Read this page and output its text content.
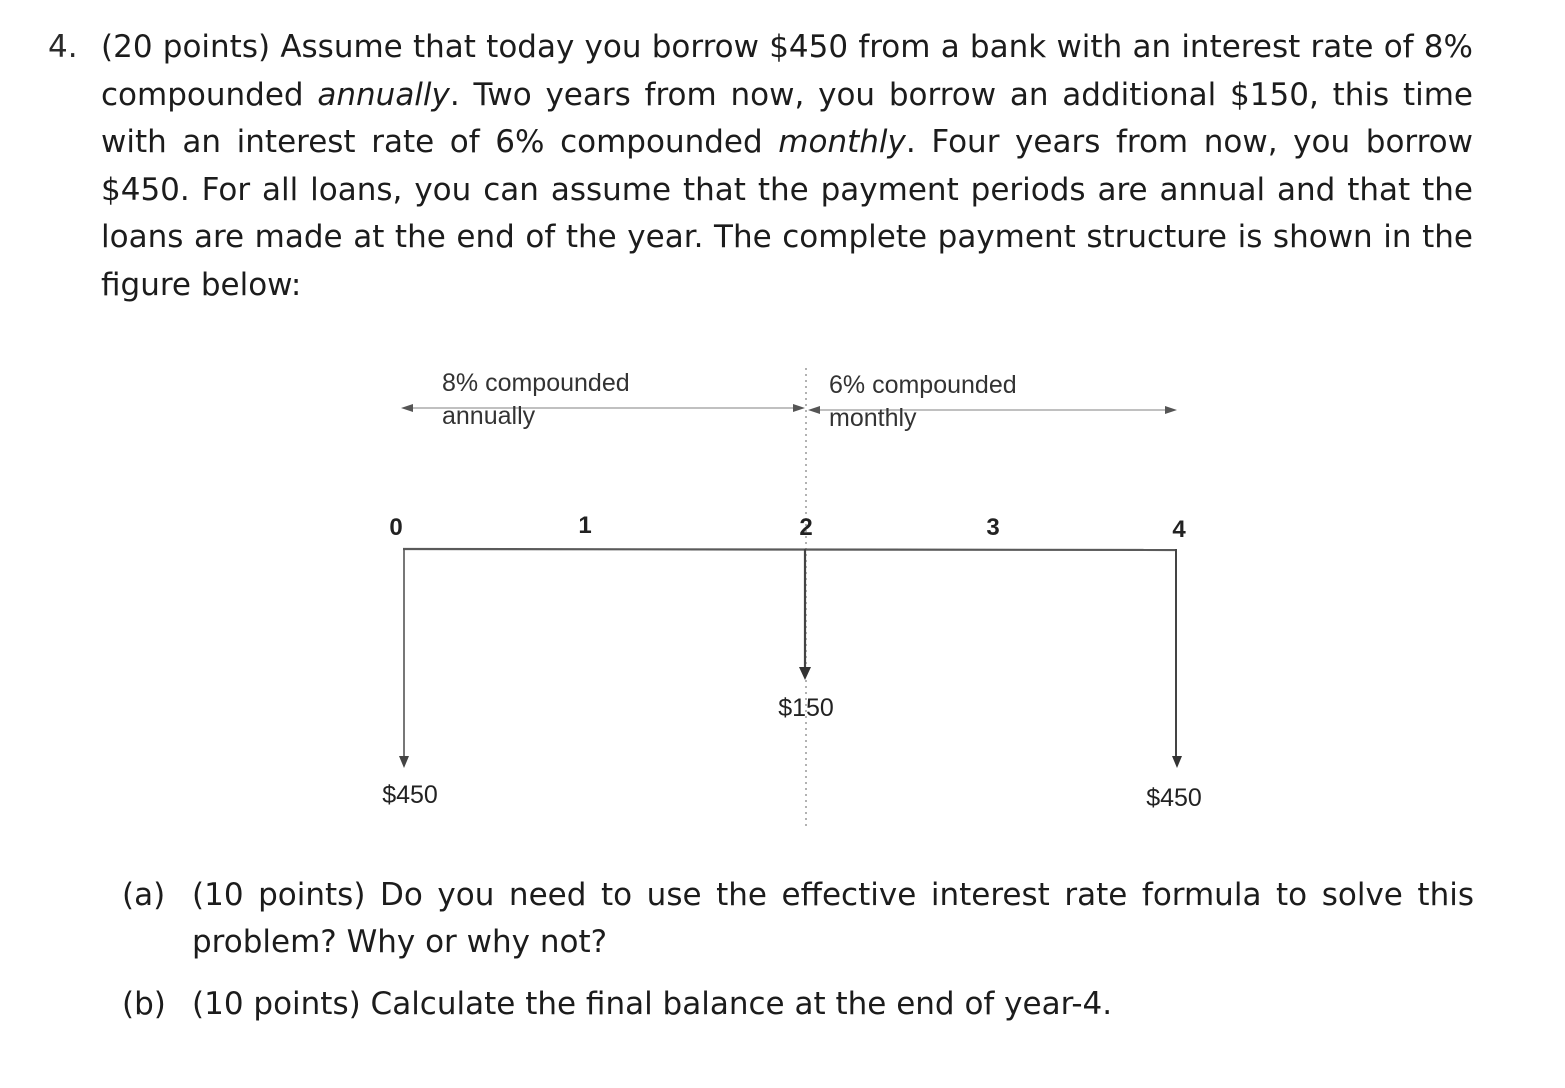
4. (20 points) Assume that today you borrow $450 from a bank with an interest rate of 8% compounded annually. Two years from now, you borrow an additional $150, this time with an interest rate of 6% compounded monthly. Four years from now, you borrow $450. For all loans, you can assume that the payment periods are annual and that the loans are made at the end of the year. The complete payment structure is shown in the figure below:
8% compounded
annually
6% compounded
monthly
0	1	2	3	4
$450
$150
$450
(a) (10 points) Do you need to use the effective interest rate formula to solve this problem? Why or why not?
(b) (10 points) Calculate the final balance at the end of year-4.
